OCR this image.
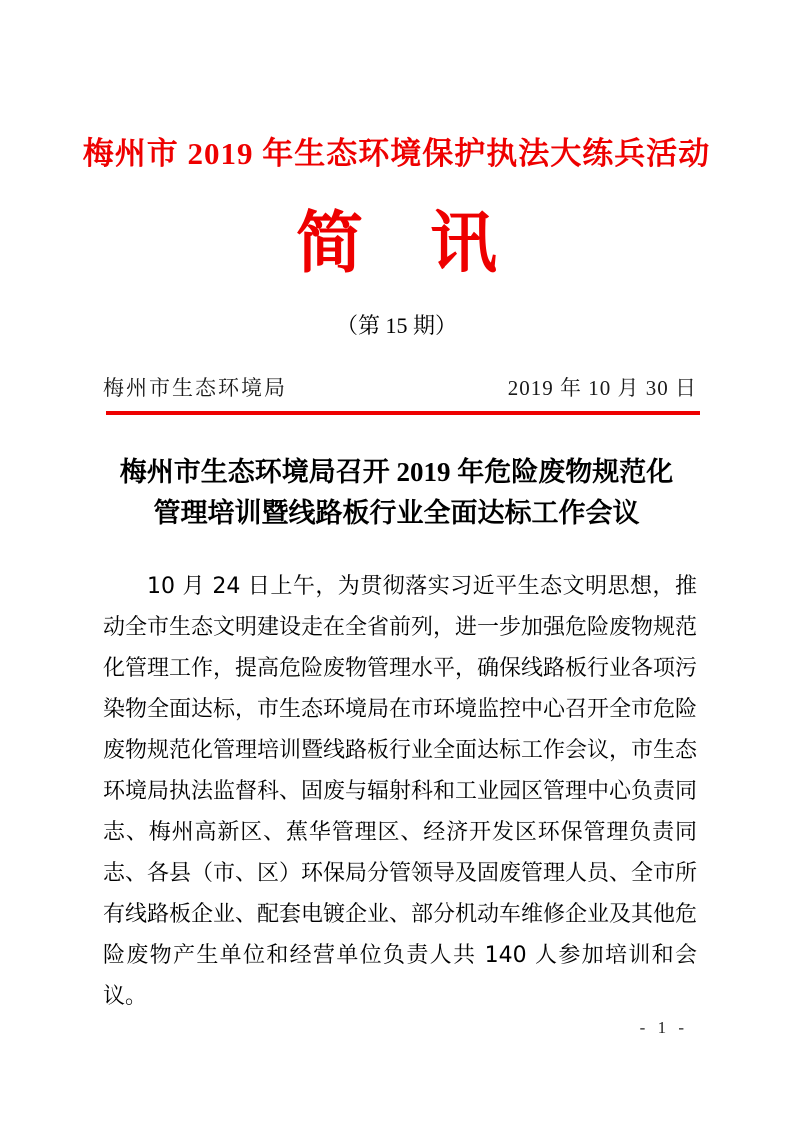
梅州市 2019 年生态环境保护执法大练兵活动
简　讯
（第 15 期）
梅州市生态环境局	2019 年 10 月 30 日
梅州市生态环境局召开 2019 年危险废物规范化
管理培训暨线路板行业全面达标工作会议
10 月 24 日上午，为贯彻落实习近平生态文明思想，推动全市生态文明建设走在全省前列，进一步加强危险废物规范化管理工作，提高危险废物管理水平，确保线路板行业各项污染物全面达标，市生态环境局在市环境监控中心召开全市危险废物规范化管理培训暨线路板行业全面达标工作会议，市生态环境局执法监督科、固废与辐射科和工业园区管理中心负责同志、梅州高新区、蕉华管理区、经济开发区环保管理负责同志、各县（市、区）环保局分管领导及固废管理人员、全市所有线路板企业、配套电镀企业、部分机动车维修企业及其他危险废物产生单位和经营单位负责人共 140 人参加培训和会议。
- 1 -
